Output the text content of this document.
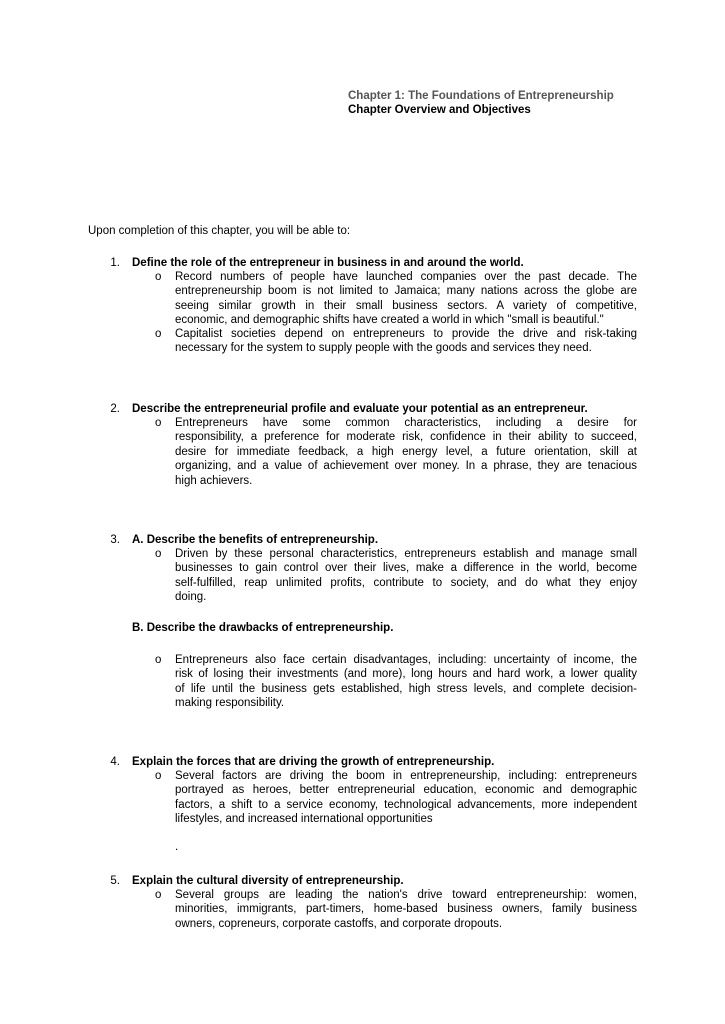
Chapter 1: The Foundations of Entrepreneurship
Chapter Overview and Objectives
Upon completion of this chapter, you will be able to:
1. Define the role of the entrepreneur in business in and around the world.
o	Record numbers of people have launched companies over the past decade. The
entrepreneurship boom is not limited to Jamaica; many nations across the globe are
seeing similar growth in their small business sectors. A variety of competitive,
economic, and demographic shifts have created a world in which "small is beautiful."
o	Capitalist societies depend on entrepreneurs to provide the drive and risk-taking
necessary for the system to supply people with the goods and services they need.
2. Describe the entrepreneurial profile and evaluate your potential as an entrepreneur.
o	Entrepreneurs have some common characteristics, including a desire for
responsibility, a preference for moderate risk, confidence in their ability to succeed,
desire for immediate feedback, a high energy level, a future orientation, skill at
organizing, and a value of achievement over money. In a phrase, they are tenacious
high achievers.
3. A. Describe the benefits of entrepreneurship.
o	Driven by these personal characteristics, entrepreneurs establish and manage small
businesses to gain control over their lives, make a difference in the world, become
self-fulfilled, reap unlimited profits, contribute to society, and do what they enjoy
doing.
B. Describe the drawbacks of entrepreneurship.
o	Entrepreneurs also face certain disadvantages, including: uncertainty of income, the
risk of losing their investments (and more), long hours and hard work, a lower quality
of life until the business gets established, high stress levels, and complete decision-
making responsibility.
4. Explain the forces that are driving the growth of entrepreneurship.
o	Several factors are driving the boom in entrepreneurship, including: entrepreneurs
portrayed as heroes, better entrepreneurial education, economic and demographic
factors, a shift to a service economy, technological advancements, more independent
lifestyles, and increased international opportunities
.
5. Explain the cultural diversity of entrepreneurship.
o	Several groups are leading the nation's drive toward entrepreneurship: women,
minorities, immigrants, part-timers, home-based business owners, family business
owners, copreneurs, corporate castoffs, and corporate dropouts.
